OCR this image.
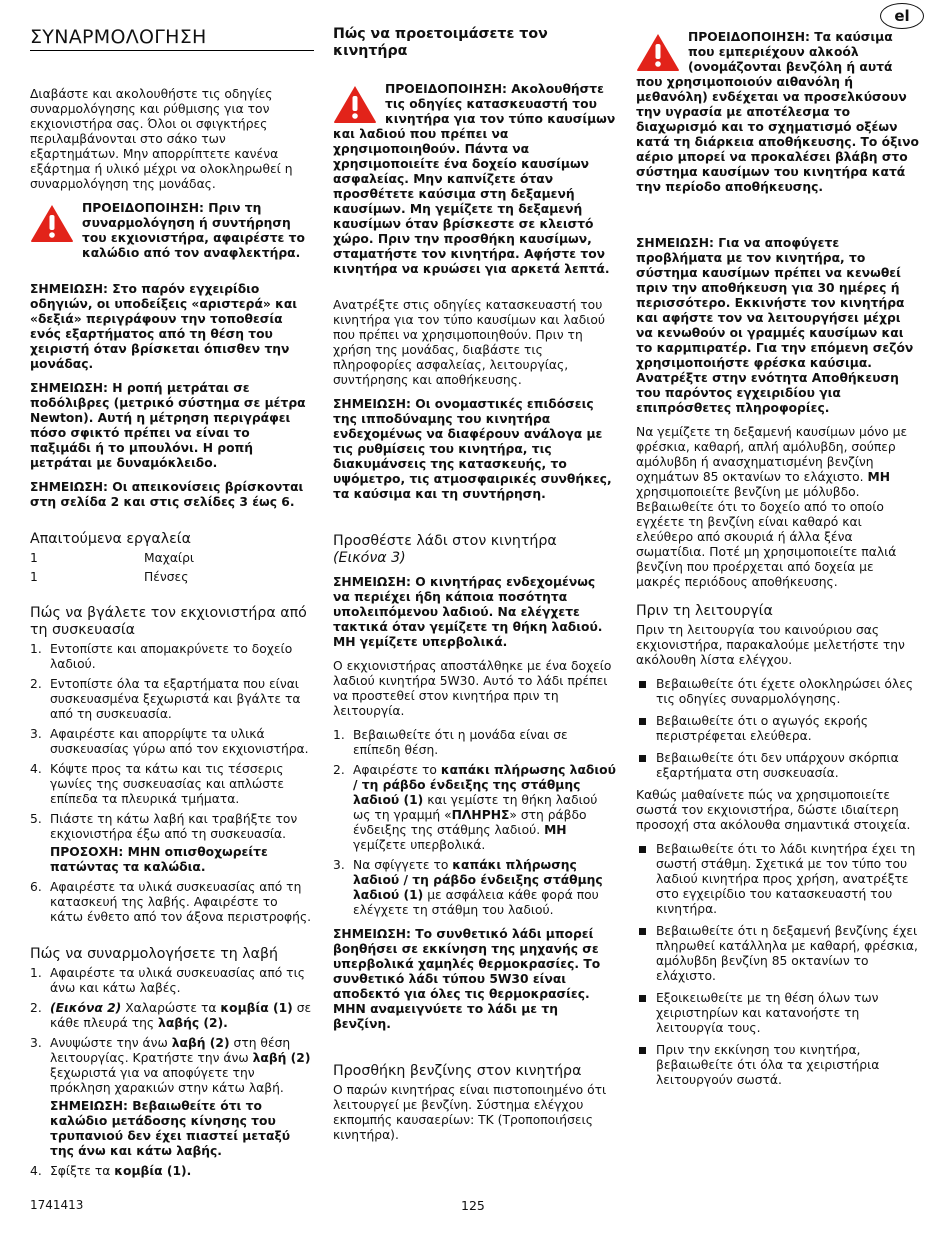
el
ΣΥΝΑΡΜΟΛΟΓΗΣΗ

Διαβάστε και ακολουθήστε τις οδηγίες συναρμολόγησης και ρύθμισης για τον εκχιονιστήρα σας. Όλοι οι σφιγκτήρες περιλαμβάνονται στο σάκο των εξαρτημάτων. Μην απορρίπτετε κανένα εξάρτημα ή υλικό μέχρι να ολοκληρωθεί η συναρμολόγηση της μονάδας.

ΠΡΟΕΙΔΟΠΟΙΗΣΗ: Πριν τη συναρμολόγηση ή συντήρηση του εκχιονιστήρα, αφαιρέστε το καλώδιο από τον αναφλεκτήρα.

ΣΗΜΕΙΩΣΗ: Στο παρόν εγχειρίδιο οδηγιών, οι υποδείξεις «αριστερά» και «δεξιά» περιγράφουν την τοποθεσία ενός εξαρτήματος από τη θέση του χειριστή όταν βρίσκεται όπισθεν την μονάδας.

ΣΗΜΕΙΩΣΗ: Η ροπή μετράται σε ποδόλιβρες (μετρικό σύστημα σε μέτρα Newton). Αυτή η μέτρηση περιγράφει πόσο σφικτό πρέπει να είναι το παξιμάδι ή το μπουλόνι. Η ροπή μετράται με δυναμόκλειδο.

ΣΗΜΕΙΩΣΗ: Οι απεικονίσεις βρίσκονται στη σελίδα 2 και στις σελίδες 3 έως 6.

Απαιτούμενα εργαλεία
1	Μαχαίρι
1	Πένσες
Πώς να βγάλετε τον εκχιονιστήρα από τη συσκευασία
1. Εντοπίστε και απομακρύνετε το δοχείο λαδιού.
2. Εντοπίστε όλα τα εξαρτήματα που είναι συσκευασμένα ξεχωριστά και βγάλτε τα από τη συσκευασία.
3. Αφαιρέστε και απορρίψτε τα υλικά συσκευασίας γύρω από τον εκχιονιστήρα.
4. Κόψτε προς τα κάτω και τις τέσσερις γωνίες της συσκευασίας και απλώστε επίπεδα τα πλευρικά τμήματα.
5. Πιάστε τη κάτω λαβή και τραβήξτε τον εκχιονιστήρα έξω από τη συσκευασία.
ΠΡΟΣΟΧΗ: ΜΗΝ οπισθοχωρείτε πατώντας τα καλώδια.
6. Αφαιρέστε τα υλικά συσκευασίας από τη κατασκευή της λαβής. Αφαιρέστε το κάτω ένθετο από τον άξονα περιστροφής.
Πώς να συναρμολογήσετε τη λαβή
1. Αφαιρέστε τα υλικά συσκευασίας από τις άνω και κάτω λαβές.
2. (Εικόνα 2) Χαλαρώστε τα κομβία (1) σε κάθε πλευρά της λαβής (2).
3. Ανυψώστε την άνω λαβή (2) στη θέση λειτουργίας. Κρατήστε την άνω λαβή (2) ξεχωριστά για να αποφύγετε την πρόκληση χαρακιών στην κάτω λαβή.
ΣΗΜΕΙΩΣΗ: Βεβαιωθείτε ότι το καλώδιο μετάδοσης κίνησης του τρυπανιού δεν έχει πιαστεί μεταξύ της άνω και κάτω λαβής.
4. Σφίξτε τα κομβία (1).
Πώς να προετοιμάσετε τον κινητήρα
ΠΡΟΕΙΔΟΠΟΙΗΣΗ: Ακολουθήστε τις οδηγίες κατασκευαστή του κινητήρα για τον τύπο καυσίμων και λαδιού που πρέπει να χρησιμοποιηθούν. Πάντα να χρησιμοποιείτε ένα δοχείο καυσίμων ασφαλείας. Μην καπνίζετε όταν προσθέτετε καύσιμα στη δεξαμενή καυσίμων. Μη γεμίζετε τη δεξαμενή καυσίμων όταν βρίσκεστε σε κλειστό χώρο. Πριν την προσθήκη καυσίμων, σταματήστε τον κινητήρα. Αφήστε τον κινητήρα να κρυώσει για αρκετά λεπτά.

Ανατρέξτε στις οδηγίες κατασκευαστή του κινητήρα για τον τύπο καυσίμων και λαδιού που πρέπει να χρησιμοποιηθούν. Πριν τη χρήση της μονάδας, διαβάστε τις πληροφορίες ασφαλείας, λειτουργίας, συντήρησης και αποθήκευσης.

ΣΗΜΕΙΩΣΗ: Οι ονομαστικές επιδόσεις της ιπποδύναμης του κινητήρα ενδεχομένως να διαφέρουν ανάλογα με τις ρυθμίσεις του κινητήρα, τις διακυμάνσεις της κατασκευής, το υψόμετρο, τις ατμοσφαιρικές συνθήκες, τα καύσιμα και τη συντήρηση.

Προσθέστε λάδι στον κινητήρα
(Εικόνα 3)

ΣΗΜΕΙΩΣΗ: Ο κινητήρας ενδεχομένως να περιέχει ήδη κάποια ποσότητα υπολειπόμενου λαδιού. Να ελέγχετε τακτικά όταν γεμίζετε τη θήκη λαδιού. ΜΗ γεμίζετε υπερβολικά.

Ο εκχιονιστήρας αποστάλθηκε με ένα δοχείο λαδιού κινητήρα 5W30. Αυτό το λάδι πρέπει να προστεθεί στον κινητήρα πριν τη λειτουργία.

1. Βεβαιωθείτε ότι η μονάδα είναι σε επίπεδη θέση.
2. Αφαιρέστε το καπάκι πλήρωσης λαδιού / τη ράβδο ένδειξης της στάθμης λαδιού (1) και γεμίστε τη θήκη λαδιού ως τη γραμμή «ΠΛΗΡΗΣ» στη ράβδο ένδειξης της στάθμης λαδιού. ΜΗ γεμίζετε υπερβολικά.
3. Να σφίγγετε το καπάκι πλήρωσης λαδιού / τη ράβδο ένδειξης στάθμης λαδιού (1) με ασφάλεια κάθε φορά που ελέγχετε τη στάθμη του λαδιού.

ΣΗΜΕΙΩΣΗ: Το συνθετικό λάδι μπορεί βοηθήσει σε εκκίνηση της μηχανής σε υπερβολικά χαμηλές θερμοκρασίες. Το συνθετικό λάδι τύπου 5W30 είναι αποδεκτό για όλες τις θερμοκρασίες. ΜΗΝ αναμειγνύετε το λάδι με τη βενζίνη.

Προσθήκη βενζίνης στον κινητήρα

Ο παρών κινητήρας είναι πιστοποιημένο ότι λειτουργεί με βενζίνη. Σύστημα ελέγχου εκπομπής καυσαερίων: ΤΚ (Τροποποιήσεις κινητήρα).

ΠΡΟΕΙΔΟΠΟΙΗΣΗ: Τα καύσιμα που εμπεριέχουν αλκοόλ (ονομάζονται βενζόλη ή αυτά που χρησιμοποιούν αιθανόλη ή μεθανόλη) ενδέχεται να προσελκύσουν την υγρασία με αποτέλεσμα το διαχωρισμό και το σχηματισμό οξέων κατά τη διάρκεια αποθήκευσης. Το όξινο αέριο μπορεί να προκαλέσει βλάβη στο σύστημα καυσίμων του κινητήρα κατά την περίοδο αποθήκευσης.

ΣΗΜΕΙΩΣΗ: Για να αποφύγετε προβλήματα με τον κινητήρα, το σύστημα καυσίμων πρέπει να κενωθεί πριν την αποθήκευση για 30 ημέρες ή περισσότερο. Εκκινήστε τον κινητήρα και αφήστε τον να λειτουργήσει μέχρι να κενωθούν οι γραμμές καυσίμων και το καρμπιρατέρ. Για την επόμενη σεζόν χρησιμοποιήστε φρέσκα καύσιμα. Ανατρέξτε στην ενότητα Αποθήκευση του παρόντος εγχειριδίου για επιπρόσθετες πληροφορίες.

Να γεμίζετε τη δεξαμενή καυσίμων μόνο με φρέσκια, καθαρή, απλή αμόλυβδη, σούπερ αμόλυβδη ή ανασχηματισμένη βενζίνη οχημάτων 85 οκτανίων τo ελάχιστο. ΜΗ χρησιμοποιείτε βενζίνη με μόλυβδο. Βεβαιωθείτε ότι το δοχείο από το οποίο εγχέετε τη βενζίνη είναι καθαρό και ελεύθερο από σκουριά ή άλλα ξένα σωματίδια. Ποτέ μη χρησιμοποιείτε παλιά βενζίνη που προέρχεται από δοχεία με μακρές περιόδους αποθήκευσης.

Πριν τη λειτουργία

Πριν τη λειτουργία του καινούριου σας εκχιονιστήρα, παρακαλούμε μελετήστε την ακόλουθη λίστα ελέγχου.

Βεβαιωθείτε ότι έχετε ολοκληρώσει όλες τις οδηγίες συναρμολόγησης.
Βεβαιωθείτε ότι ο αγωγός εκροής περιστρέφεται ελεύθερα.
Βεβαιωθείτε ότι δεν υπάρχουν σκόρπια εξαρτήματα στη συσκευασία.

Καθώς μαθαίνετε πώς να χρησιμοποιείτε σωστά τον εκχιονιστήρα, δώστε ιδιαίτερη προσοχή στα ακόλουθα σημαντικά στοιχεία.

Βεβαιωθείτε ότι το λάδι κινητήρα έχει τη σωστή στάθμη. Σχετικά με τον τύπο του λαδιού κινητήρα προς χρήση, ανατρέξτε στο εγχειρίδιο του κατασκευαστή του κινητήρα.
Βεβαιωθείτε ότι η δεξαμενή βενζίνης έχει πληρωθεί κατάλληλα με καθαρή, φρέσκια, αμόλυβδη βενζίνη 85 οκτανίων το ελάχιστο.
Εξοικειωθείτε με τη θέση όλων των χειριστηρίων και κατανοήστε τη λειτουργία τους.
Πριν την εκκίνηση του κινητήρα, βεβαιωθείτε ότι όλα τα χειριστήρια λειτουργούν σωστά.
1741413	125
